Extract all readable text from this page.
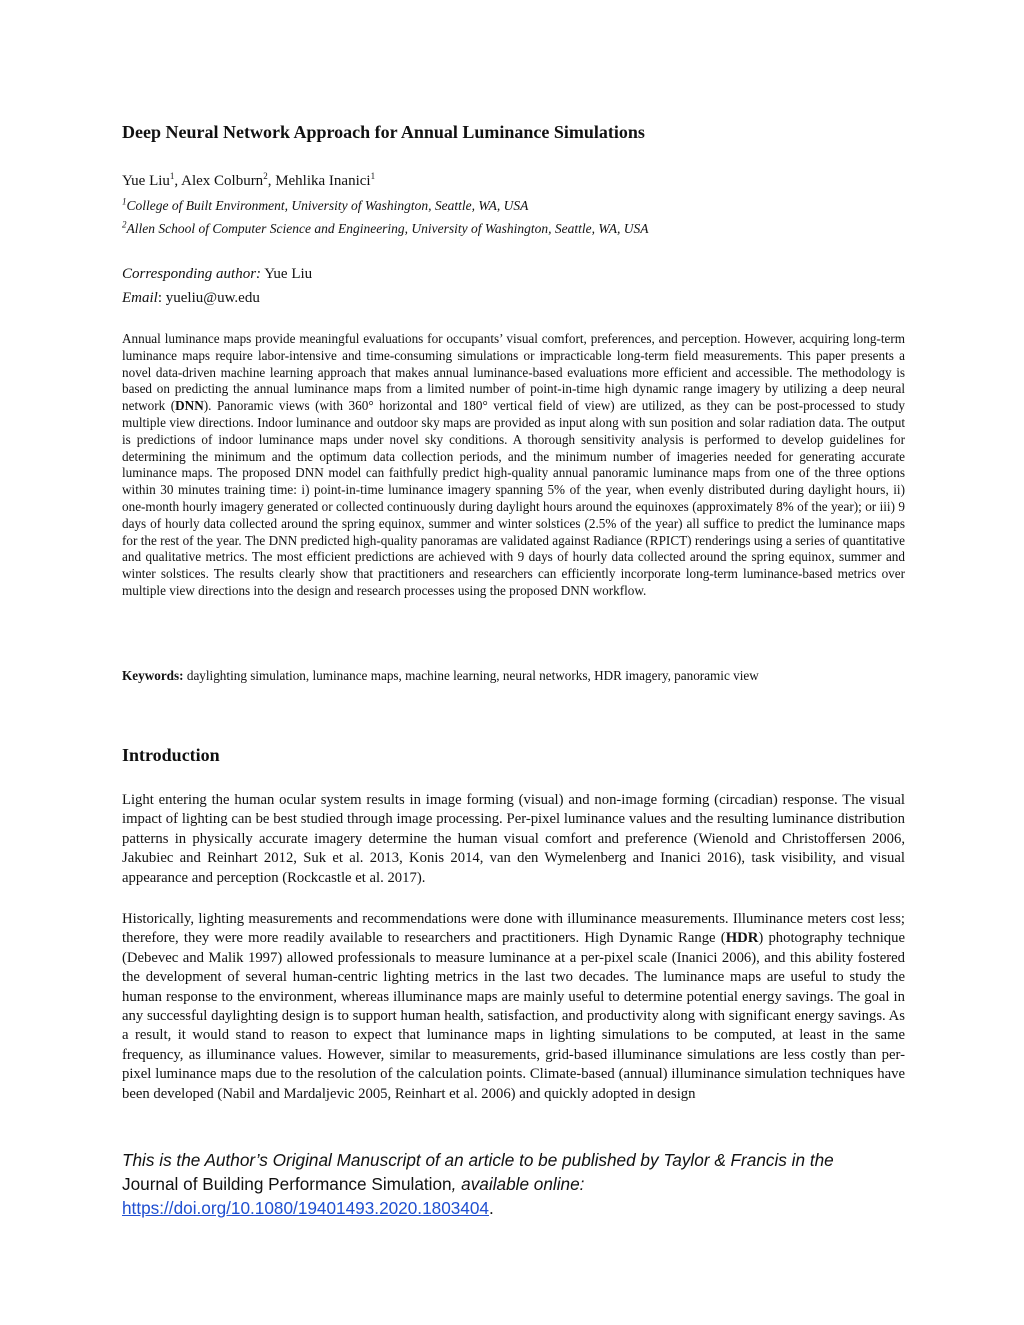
Deep Neural Network Approach for Annual Luminance Simulations
Yue Liu$^1$, Alex Colburn$^2$, Mehlika Inanici$^1$
$^1$College of Built Environment, University of Washington, Seattle, WA, USA
$^2$Allen School of Computer Science and Engineering, University of Washington, Seattle, WA, USA
Corresponding author: Yue Liu
Email: yueliu@uw.edu

Annual luminance maps provide meaningful evaluations for occupants’ visual comfort, preferences, and perception. However, acquiring long-term luminance maps require labor-intensive and time-consuming simulations or impracticable long-term field measurements. This paper presents a novel data-driven machine learning approach that makes annual luminance-based evaluations more efficient and accessible. The methodology is based on predicting the annual luminance maps from a limited number of point-in-time high dynamic range imagery by utilizing a deep neural network (DNN). Panoramic views (with 360° horizontal and 180° vertical field of view) are utilized, as they can be post-processed to study multiple view directions. Indoor luminance and outdoor sky maps are provided as input along with sun position and solar radiation data. The output is predictions of indoor luminance maps under novel sky conditions. A thorough sensitivity analysis is performed to develop guidelines for determining the minimum and the optimum data collection periods, and the minimum number of imageries needed for generating accurate luminance maps. The proposed DNN model can faithfully predict high-quality annual panoramic luminance maps from one of the three options within 30 minutes training time: i) point-in-time luminance imagery spanning 5% of the year, when evenly distributed during daylight hours, ii) one-month hourly imagery generated or collected continuously during daylight hours around the equinoxes (approximately 8% of the year); or iii) 9 days of hourly data collected around the spring equinox, summer and winter solstices (2.5% of the year) all suffice to predict the luminance maps for the rest of the year. The DNN predicted high-quality panoramas are validated against Radiance (RPICT) renderings using a series of quantitative and qualitative metrics. The most efficient predictions are achieved with 9 days of hourly data collected around the spring equinox, summer and winter solstices. The results clearly show that practitioners and researchers can efficiently incorporate long-term luminance-based metrics over multiple view directions into the design and research processes using the proposed DNN workflow.

Keywords: daylighting simulation, luminance maps, machine learning, neural networks, HDR imagery, panoramic view
Introduction

Light entering the human ocular system results in image forming (visual) and non-image forming (circadian) response. The visual impact of lighting can be best studied through image processing. Per-pixel luminance values and the resulting luminance distribution patterns in physically accurate imagery determine the human visual comfort and preference (Wienold and Christoffersen 2006, Jakubiec and Reinhart 2012, Suk et al. 2013, Konis 2014, van den Wymelenberg and Inanici 2016), task visibility, and visual appearance and perception (Rockcastle et al. 2017).

Historically, lighting measurements and recommendations were done with illuminance measurements. Illuminance meters cost less; therefore, they were more readily available to researchers and practitioners. High Dynamic Range (HDR) photography technique (Debevec and Malik 1997) allowed professionals to measure luminance at a per-pixel scale (Inanici 2006), and this ability fostered the development of several human-centric lighting metrics in the last two decades. The luminance maps are useful to study the human response to the environment, whereas illuminance maps are mainly useful to determine potential energy savings. The goal in any successful daylighting design is to support human health, satisfaction, and productivity along with significant energy savings. As a result, it would stand to reason to expect that luminance maps in lighting simulations to be computed, at least in the same frequency, as illuminance values. However, similar to measurements, grid-based illuminance simulations are less costly than per-pixel luminance maps due to the resolution of the calculation points. Climate-based (annual) illuminance simulation techniques have been developed (Nabil and Mardaljevic 2005, Reinhart et al. 2006) and quickly adopted in design

This is the Author’s Original Manuscript of an article to be published by Taylor & Francis in the Journal of Building Performance Simulation, available online: https://doi.org/10.1080/19401493.2020.1803404.
